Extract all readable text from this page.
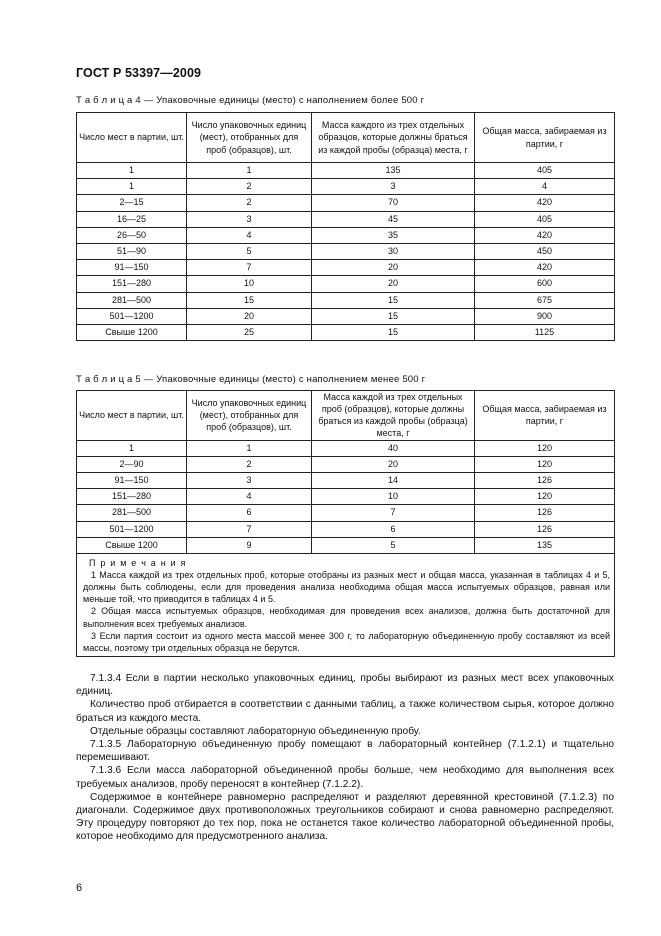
ГОСТ Р 53397—2009
Т а б л и ц а 4 — Упаковочные единицы (место) с наполнением более 500 г
Число мест в партии, шт.	Число упаковочных единиц (мест), отобранных для проб (образцов), шт.	Масса каждого из трех отдельных образцов, которые должны браться из каждой пробы (образца) места, г	Общая масса, забираемая из партии, г
1	1	135	405
1	2	3	4
2—15	2	70	420
16—25	3	45	405
26—50	4	35	420
51—90	5	30	450
91—150	7	20	420
151—280	10	20	600
281—500	15	15	675
501—1200	20	15	900
Свыше 1200	25	15	1125
Т а б л и ц а 5 — Упаковочные единицы (место) с наполнением менее 500 г
Число мест в партии, шт.	Число упаковочных единиц (мест), отобранных для проб (образцов), шт.	Масса каждой из трех отдельных проб (образцов), которые должны браться из каждой пробы (образца) места, г	Общая масса, забираемая из партии, г
1	1	40	120
2—90	2	20	120
91—150	3	14	126
151—280	4	10	120
281—500	6	7	126
501—1200	7	6	126
Свыше 1200	9	5	135

П р и м е ч а н и я
1 Масса каждой из трех отдельных проб, которые отобраны из разных мест и общая масса, указанная в таблицах 4 и 5, должны быть соблюдены, если для проведения анализа необходима общая масса испытуемых образцов, равная или меньше той, что приводится в таблицах 4 и 5.
2 Общая масса испытуемых образцов, необходимая для проведения всех анализов, должна быть достаточной для выполнения всех требуемых анализов.
3 Если партия состоит из одного места массой менее 300 г, то лабораторную объединенную пробу составляют из всей массы, поэтому три отдельных образца не берутся.			

7.1.3.4 Если в партии несколько упаковочных единиц, пробы выбирают из разных мест всех упаковочных единиц.

Количество проб отбирается в соответствии с данными таблиц, а также количеством сырья, которое должно браться из каждого места.

Отдельные образцы составляют лабораторную объединенную пробу.

7.1.3.5 Лабораторную объединенную пробу помещают в лабораторный контейнер (7.1.2.1) и тщательно перемешивают.

7.1.3.6 Если масса лабораторной объединенной пробы больше, чем необходимо для выполнения всех требуемых анализов, пробу переносят в контейнер (7.1.2.2).

Содержимое в контейнере равномерно распределяют и разделяют деревянной крестовиной (7.1.2.3) по диагонали. Содержимое двух противоположных треугольников собирают и снова равномерно распределяют. Эту процедуру повторяют до тех пор, пока не останется такое количество лабораторной объединенной пробы, которое необходимо для предусмотренного анализа.

6
